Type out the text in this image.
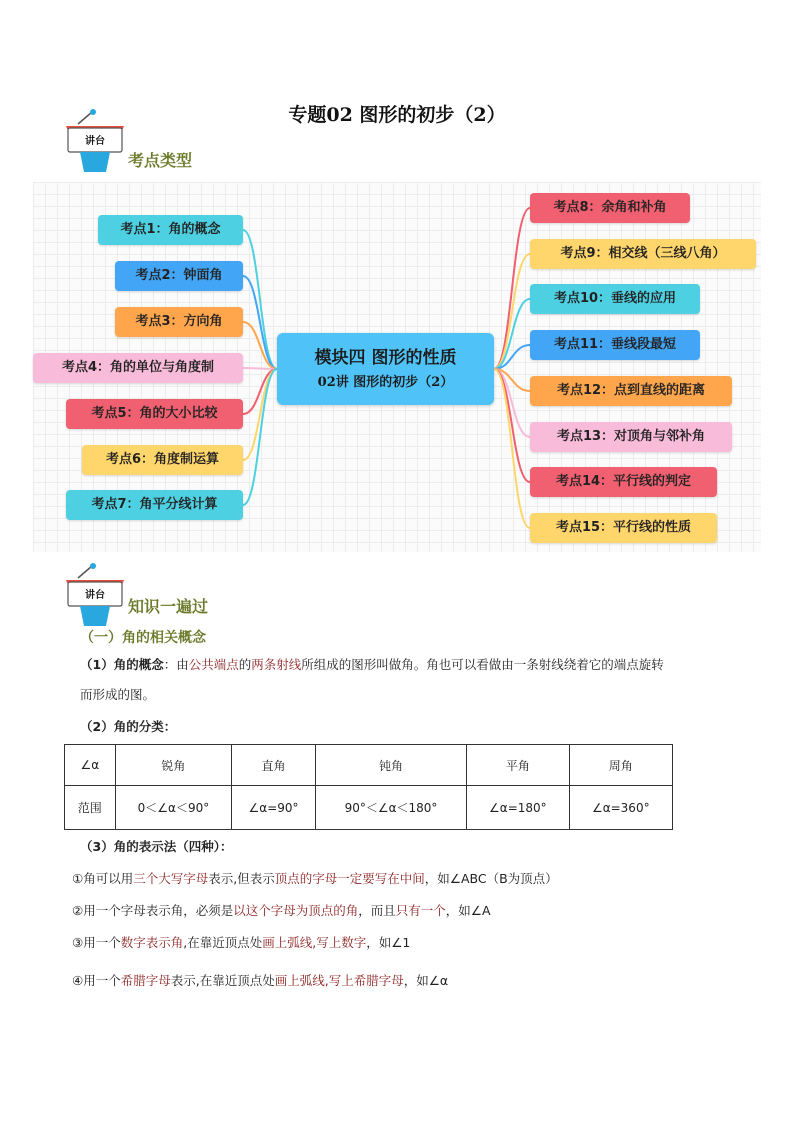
专题02 图形的初步（2）
讲台
考点类型
模块四 图形的性质
02讲 图形的初步（2）
考点1：角的概念
考点2：钟面角
考点3：方向角
考点4：角的单位与角度制
考点5：角的大小比较
考点6：角度制运算
考点7：角平分线计算
考点8：余角和补角
考点9：相交线（三线八角）
考点10：垂线的应用
考点11：垂线段最短
考点12：点到直线的距离
考点13：对顶角与邻补角
考点14：平行线的判定
考点15：平行线的性质
讲台
知识一遍过
（一）角的相关概念
（1）角的概念：由公共端点的两条射线所组成的图形叫做角。角也可以看做由一条射线绕着它的端点旋转
而形成的图。
（2）角的分类：
∠α	锐角	直角	钝角	平角	周角
范围	0＜∠α＜90°	∠α=90°	90°＜∠α＜180°	∠α=180°	∠α=360°
（3）角的表示法（四种）：
①角可以用三个大写字母表示,但表示顶点的字母一定要写在中间，如∠ABC（B为顶点）
②用一个字母表示角，必须是以这个字母为顶点的角，而且只有一个，如∠A
③用一个数字表示角,在靠近顶点处画上弧线,写上数字，如∠1
④用一个希腊字母表示,在靠近顶点处画上弧线,写上希腊字母，如∠α
